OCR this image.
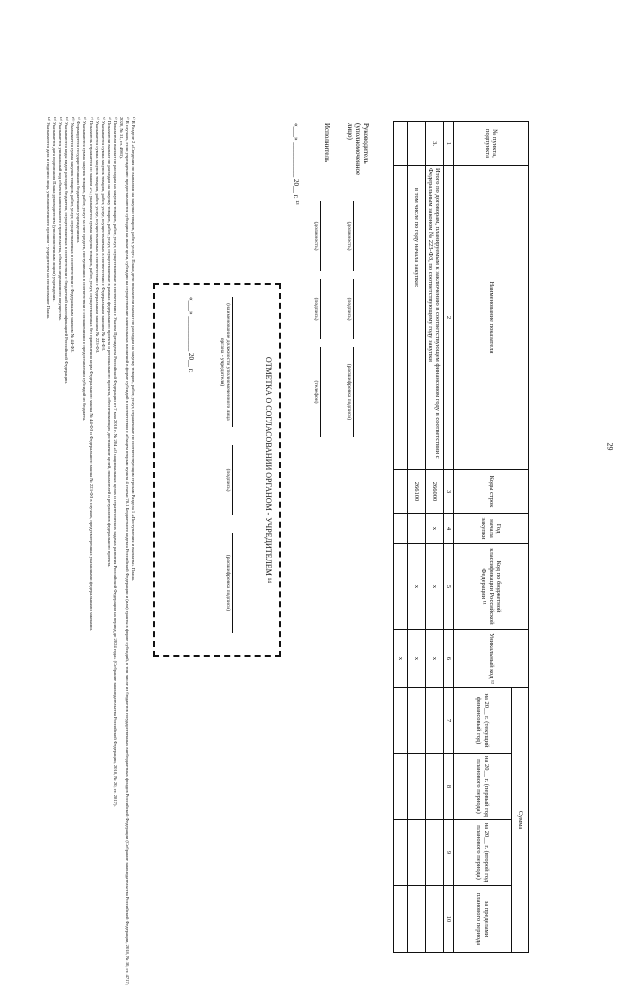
29
№ пункта, подпункта	Наименование показателя	Коды строк	Год начала закупки	Код по бюджетной классификации Российской Федерации ¹¹	Уникальный код ¹²	Сумма			
						на 20__ г. (текущий финансовый год)	на 20__ г. (первый год планового периода)	на 20__ г. (второй год планового периода)	за пределами планового периода
1	2	3	4	5	6	7	8	9	10
3.	Итого по договорам, планируемым к заключению в соответствующем финансовом году в соответствии с Федеральным законом № 223-ФЗ, по соответствующему году закупки	266000	x	x	x				
	в том числе по году начала закупки:	266100		x	x				
					x				
Руководитель (уполномоченное лицо)
(должность)
(подпись)
(расшифровка подписи)
Исполнитель
(должность)
(подпись)
(телефон)
«___» __________ 20__ г. ¹³
ОТМЕТКА О СОГЛАСОВАНИИ ОРГАНОМ - УЧРЕДИТЕЛЕМ ¹⁴
(наименование должности уполномоченного лица органа - учредителя)
(подпись)
(расшифровка подписи)
«___» __________ 20__ г.

¹⁾ В Разделе 2 «Сведения по выплатам на закупки товаров, работ, услуг» Плана дети показатели выплат по расходам на закупку товаров, работ, услуг, отраженные по соответствующим строкам Раздела 1 «Поступления и выплаты» Плана.

²⁾ В случаях, если учреждению предоставляются субсидии на иные цели, субсидии на осуществление капитальных вложений в форме субсидий в соответствии с абзацем вторым пункта 4 статьи 78.1 Бюджетного кодекса Российской Федерации и (или) гранты в форме субсидий, в том числе из бюджетов государственных внебюджетных фондов Российской Федерации (Собрание законодательства Российской Федерации, 2018, № 30, ст. 4717; 2020, № 31, ст. 4983).

³⁾ Показатели выплат по расходам на закупки товаров, работ, услуг, осуществляемые в соответствии с Указом Президента Российской Федерации от 7 мая 2018 г. № 204 «О национальных целях и стратегических задачах развития Российской Федерации на период до 2024 года» (Собрание законодательства Российской Федерации, 2018, № 20, ст. 2817).

⁴⁾ Показатели выплат по расходам на закупку товаров, работ, услуг, осуществляемые в рамках федерального проекта и регионального проекта, обеспечивающих достижение целей, показателей и результатов федерального проекта.

⁵⁾ Указывается сумма закупок товаров, работ, услуг, осуществляемых в соответствии с Федеральным законом № 44-ФЗ.

⁶⁾ Указывается сумма закупок товаров, работ, услуг, осуществляемых в соответствии с Федеральным законом № 223-ФЗ.

⁷⁾ Показатель отражается со знаком «-»; указывается сумма закупок товаров, работ, услуг, осуществляемых без применения норм Федерального закона № 44-ФЗ и Федерального закона № 223-ФЗ в случаях, предусмотренных указанными федеральными законами.

⁸⁾ Указываются сумма закупок товаров, работ, услуг за счет средств, поступивших в соответствии с соглашениями о предоставлении субсидий из бюджета.

⁹⁾ Формируется государственными бюджетными учреждениями.

¹⁰⁾ Указывается сумма закупок товаров, работ, услуг, осуществляемых в соответствии с Федеральным законом № 44-ФЗ.

¹¹⁾ Указываются коды видов расходов бюджетов, осуществляемых в соответствии с бюджетной классификацией Российской Федерации.

¹²⁾ Указывается уникальный код объекта капитального строительства, объекта недвижимого имущества.

¹³⁾ Указывается дата подписания Плана руководителем (уполномоченным лицом) учреждения.

¹⁴⁾ Указываются дата и подписи лица, уполномоченного органом - учредителем на согласование Плана.
